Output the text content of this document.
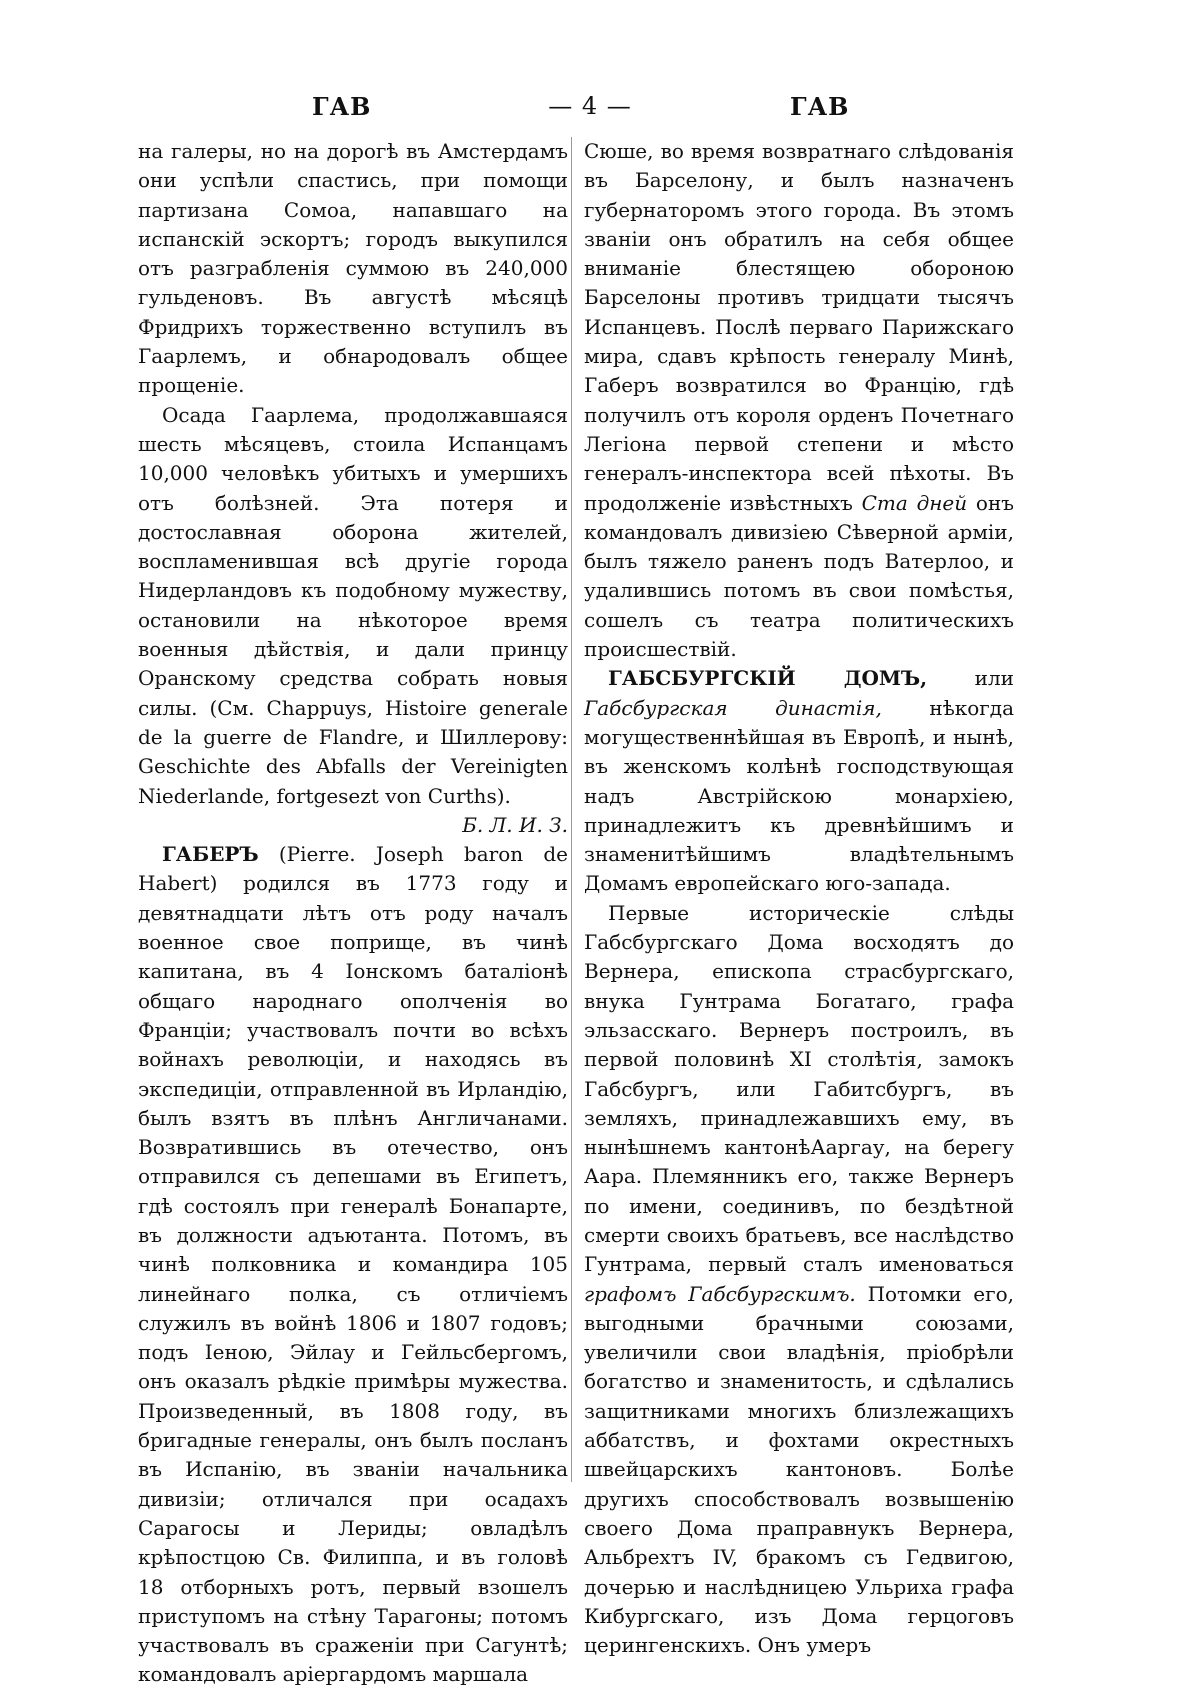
ГАВ	— 4 —	ГАВ

на галеры, но на дорогѣ въ Амстердамъ они успѣли спастись, при помощи партизана Сомоа, напавшаго на испанскій эскортъ; городъ выкупился отъ разграбленія суммою въ 240,000 гульденовъ. Въ августѣ мѣсяцѣ Фридрихъ торжественно вступилъ въ Гаарлемъ, и обнародовалъ общее прощеніе.

Осада Гаарлема, продолжавшаяся шесть мѣсяцевъ, стоила Испанцамъ 10,000 человѣкъ убитыхъ и умершихъ отъ болѣзней. Эта потеря и достославная оборона жителей, воспламенившая всѣ другіе города Нидерландовъ къ подобному мужеству, остановили на нѣкоторое время военныя дѣйствія, и дали принцу Оранскому средства собрать новыя силы. (См. Chappuys, Histoire generale de la guerre de Flandre, и Шиллерову: Geschichte des Abfalls der Vereinigten Niederlande, fortgesezt von Curths).

Б. Л. И. З.

ГАБЕРЪ (Pierre. Joseph baron de Habert) родился въ 1773 году и девятнадцати лѣтъ отъ роду началъ военное свое поприще, въ чинѣ капитана, въ 4 Іонскомъ баталіонѣ общаго народнаго ополченія во Франціи; участвовалъ почти во всѣхъ войнахъ революціи, и находясь въ экспедиціи, отправленной въ Ирландію, былъ взятъ въ плѣнъ Англичанами. Возвратившись въ отечество, онъ отправился съ депешами въ Египетъ, гдѣ состоялъ при генералѣ Бонапарте, въ должности адъютанта. Потомъ, въ чинѣ полковника и командира 105 линейнаго полка, съ отличіемъ служилъ въ войнѣ 1806 и 1807 годовъ; подъ Іеною, Эйлау и Гейльсбергомъ, онъ оказалъ рѣдкіе примѣры мужества. Произведенный, въ 1808 году, въ бригадные генералы, онъ былъ посланъ въ Испанію, въ званіи начальника дивизіи; отличался при осадахъ Сарагосы и Лериды; овладѣлъ крѣпостцою Св. Филиппа, и въ головѣ 18 отборныхъ ротъ, первый взошелъ приступомъ на стѣну Тарагоны; потомъ участвовалъ въ сраженіи при Сагунтѣ; командовалъ аріергардомъ маршала

Сюше, во время возвратнаго слѣдованія въ Барселону, и былъ назначенъ губернаторомъ этого города. Въ этомъ званіи онъ обратилъ на себя общее вниманіе блестящею обороною Барселоны противъ тридцати тысячъ Испанцевъ. Послѣ перваго Парижскаго мира, сдавъ крѣпость генералу Минѣ, Габеръ возвратился во Францію, гдѣ получилъ отъ короля орденъ Почетнаго Легіона первой степени и мѣсто генералъ-инспектора всей пѣхоты. Въ продолженіе извѣстныхъ Ста дней онъ командовалъ дивизіею Сѣверной арміи, былъ тяжело раненъ подъ Ватерлоо, и удалившись потомъ въ свои помѣстья, сошелъ съ театра политическихъ происшествій.

ГАБСБУРГСКІЙ ДОМЪ, или Габсбургская династія, нѣкогда могущественнѣйшая въ Европѣ, и нынѣ, въ женскомъ колѣнѣ господствующая надъ Австрійскою монархіею, принадлежитъ къ древнѣйшимъ и знаменитѣйшимъ владѣтельнымъ Домамъ европейскаго юго-запада.

Первые историческіе слѣды Габсбургскаго Дома восходятъ до Вернера, епископа страсбургскаго, внука Гунтрама Богатаго, графа эльзасскаго. Вернеръ построилъ, въ первой половинѣ XI столѣтія, замокъ Габсбургъ, или Габитсбургъ, въ земляхъ, принадлежавшихъ ему, въ нынѣшнемъ кантонѣАаргау, на берегу Аара. Племянникъ его, также Вернеръ по имени, соединивъ, по бездѣтной смерти своихъ братьевъ, все наслѣдство Гунтрама, первый сталъ именоваться графомъ Габсбургскимъ. Потомки его, выгодными брачными союзами, увеличили свои владѣнія, пріобрѣли богатство и знаменитость, и сдѣлались защитниками многихъ близлежащихъ аббатствъ, и фохтами окрестныхъ швейцарскихъ кантоновъ. Болѣе другихъ способствовалъ возвышенію своего Дома праправнукъ Вернера, Альбрехтъ IV, бракомъ съ Гедвигою, дочерью и наслѣдницею Ульриха графа Кибургскаго, изъ Дома герцоговъ церингенскихъ. Онъ умеръ
